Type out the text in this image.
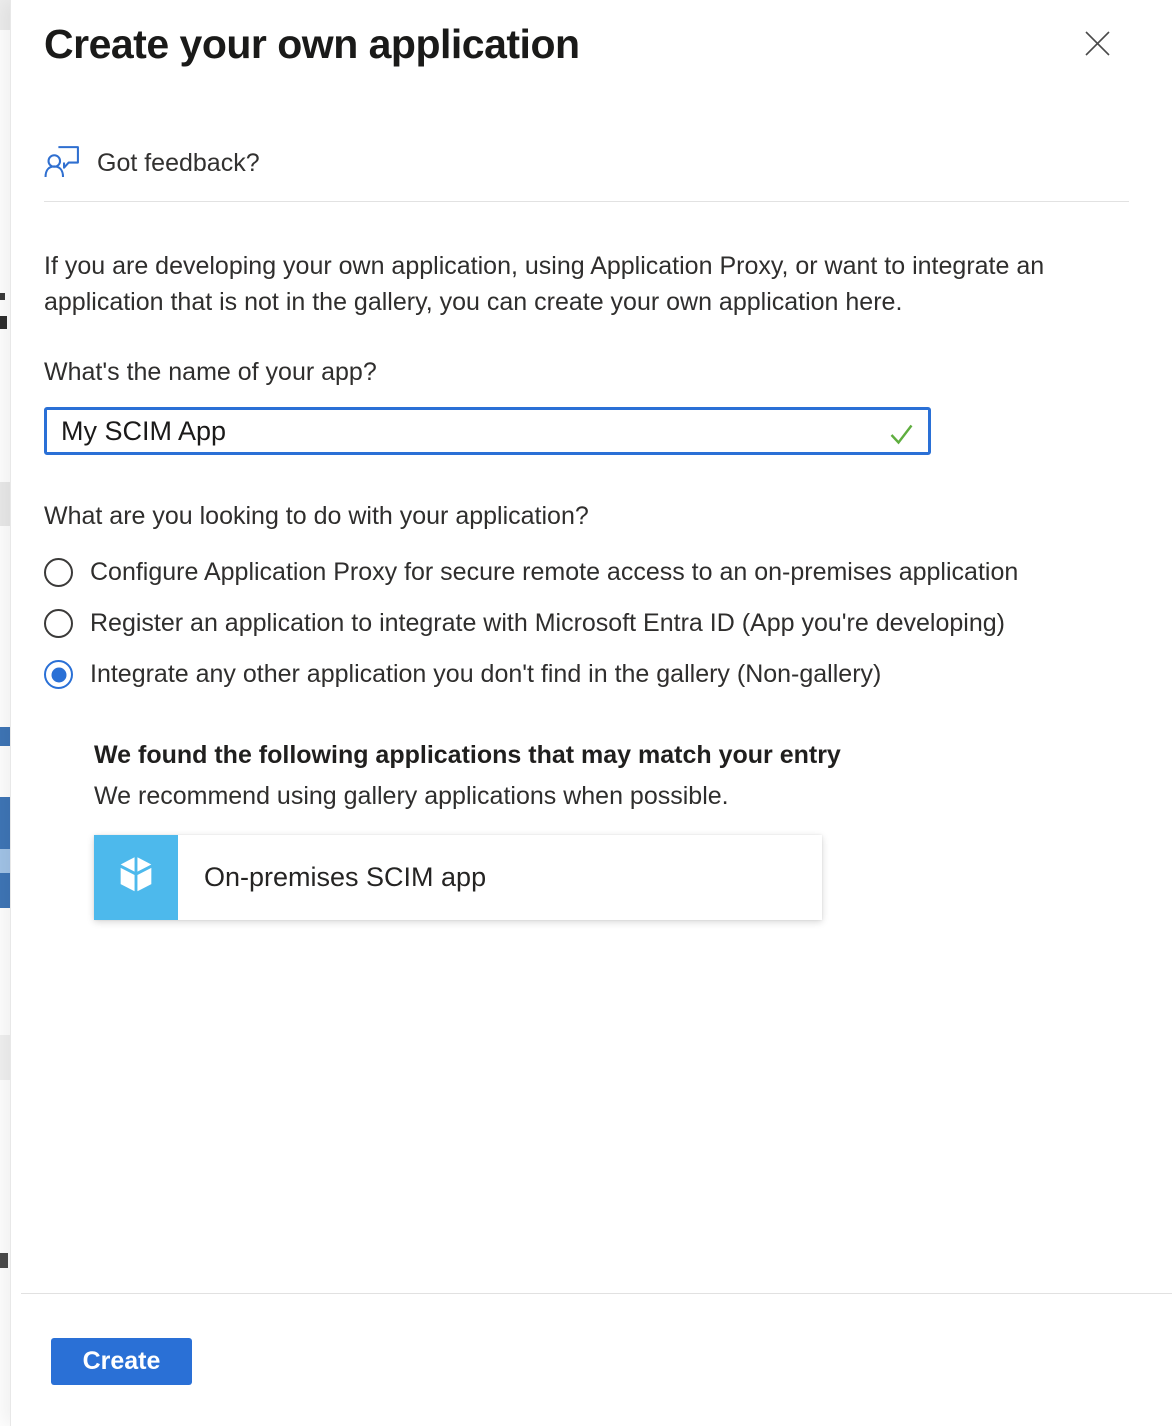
Create your own application
Got feedback?

If you are developing your own application, using Application Proxy, or want to integrate an application that is not in the gallery, you can create your own application here.

What's the name of your app?
My SCIM App
What are you looking to do with your application?
Configure Application Proxy for secure remote access to an on-premises application
Register an application to integrate with Microsoft Entra ID (App you're developing)
Integrate any other application you don't find in the gallery (Non-gallery)
We found the following applications that may match your entry
We recommend using gallery applications when possible.
On-premises SCIM app
Create
